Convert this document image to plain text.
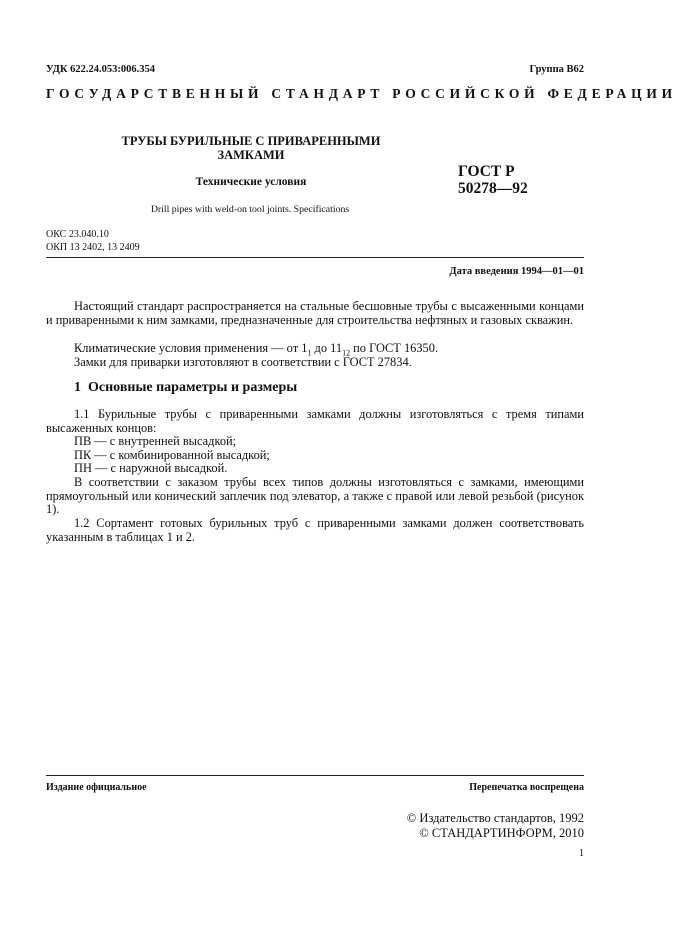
УДК 622.24.053:006.354	Группа B62
ГОСУДАРСТВЕННЫЙ СТАНДАРТ РОССИЙСКОЙ ФЕДЕРАЦИИ
ТРУБЫ БУРИЛЬНЫЕ С ПРИВАРЕННЫМИ
ЗАМКАМИ
Технические условия
Drill pipes with weld-on tool joints. Specifications
ГОСТ Р
50278—92
ОКС 23.040.10
ОКП 13 2402, 13 2409
Дата введения 1994—01—01
Настоящий стандарт распространяется на стальные бесшовные трубы с высаженными концами и приваренными к ним замками, предназначенные для строительства нефтяных и газовых скважин.
Климатические условия применения — от $1_1$ до $11_{12}$ по ГОСТ 16350.
Замки для приварки изготовляют в соответствии с ГОСТ 27834.
1 Основные параметры и размеры
1.1 Бурильные трубы с приваренными замками должны изготовляться с тремя типами высаженных концов:
ПВ — с внутренней высадкой;
ПК — с комбинированной высадкой;
ПН — с наружной высадкой.
В соответствии с заказом трубы всех типов должны изготовляться с замками, имеющими прямоугольный или конический заплечик под элеватор, а также с правой или левой резьбой (рисунок 1).
1.2 Сортамент готовых бурильных труб с приваренными замками должен соответствовать указанным в таблицах 1 и 2.
Издание официальное	Перепечатка воспрещена
© Издательство стандартов, 1992
© СТАНДАРТИНФОРМ, 2010
1
